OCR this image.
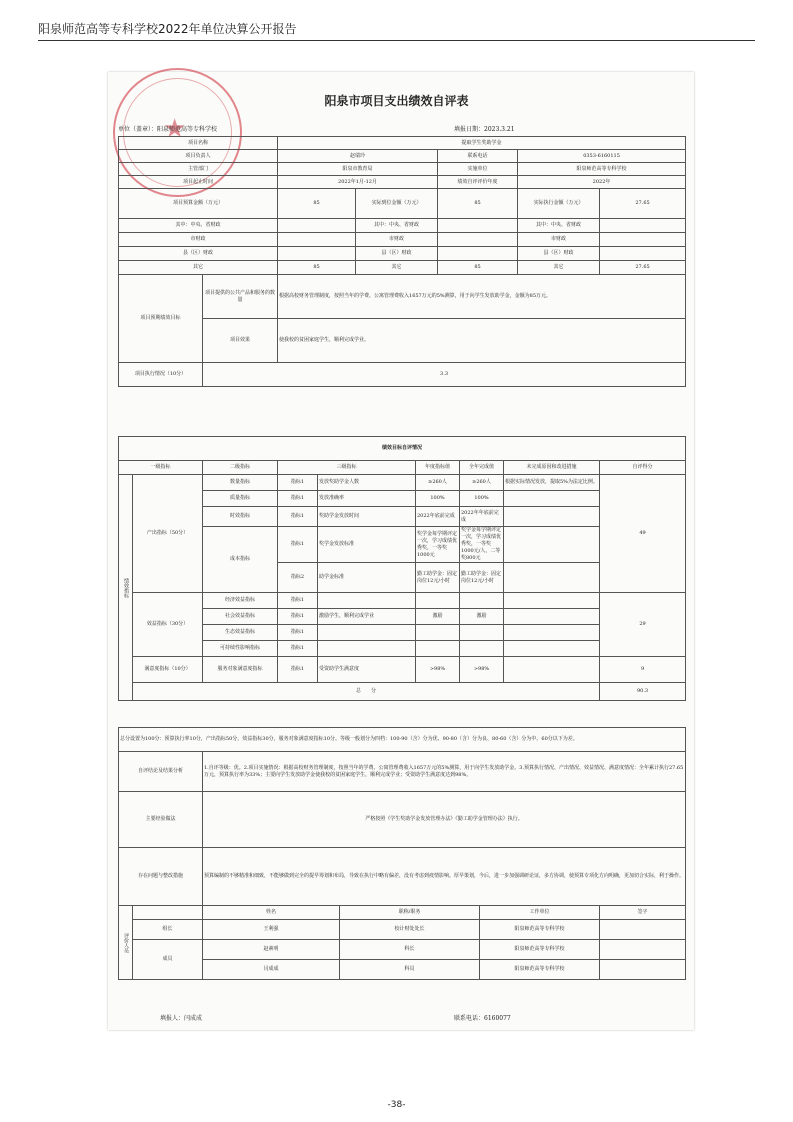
阳泉师范高等专科学校2022年单位决算公开报告
★
阳泉市项目支出绩效自评表
单位（盖章）：阳泉师范高等专科学校	填报日期：2023.3.21
项目名称		提取学生奖助学金				
项目负责人		赵瑞玲		联系电话	0353-6160115	
主管部门		阳泉市教育局		实施单位	阳泉师范高等专科学校	
项目起止时间		2022年1月-12月		绩效自评评价年度	2022年	
项目预算金额（万元）		85	实际到位金额（万元）	85	实际执行金额（万元）	27.65
其中：中央、省财政			其中：中央、省财政		其中：中央、省财政	
市财政			市财政		市财政	
县（区）财政			县（区）财政		县（区）财政	
其它		85	其它	85	其它	27.65
项目预期绩效目标	项目提供的公共产品和服务的数量	根据高校财务管理制度，按照当年的学费、公寓管理费收入1657万元的5%测算，用于向学生发放助学金，金额为85万元。				
	项目效果	使我校的贫困家庭学生，顺利完成学业。				
项目执行情况（10分）	3.3					
绩效目标自评情况								
一级指标		二级指标	三级指标		年度指标值	全年完成值	未完成原因和改进措施	自评得分
绩效指标	产出指标（50分）	数量指标	指标1	发放奖助学金人数	≥260人	≥260人	根据实际情况发放，提取5%为法定比例。	49
		质量指标	指标1	发放准确率	100%	100%		
		时效指标	指标1	奖助学金发放时间	2022年底前完成	2022年年底前完成		
		成本指标	指标1	奖学金发放标准	奖学金每学期评定一次，学习成绩优秀奖，一等奖1000元	奖学金每学期评定一次，学习成绩优秀奖，一等奖1000元/人，二等奖800元		
			指标2	助学金标准	勤工助学金：固定岗位12元/小时	勤工助学金：固定岗位12元/小时		
	效益指标（30分）	经济效益指标	指标1					29
		社会效益指标	指标1	激励学生，顺利完成学业	激励	激励		
		生态效益指标	指标1					
		可持续性影响指标	指标1					
	满意度指标（10分）	服务对象满意度指标	指标1	受资助学生满意度	>98%	>98%		9
	总　　分							90.3
总分设置为100分：预算执行率10分，产出指标50分，效益指标30分，服务对象满意度指标10分。等级一般划分为四档：100-90（含）分为优、90-80（含）分为良、80-60（含）分为中、60分以下为差。					
自评结论及结果分析		1.自评等级：优。2.项目实施情况：根据高校财务管理制度，按照当年的学费、公寓管理费收入1657万元的5%测算，用于向学生发放助学金。3.预算执行情况、产出情况、效益情况、满意度情况：全年累计执行27.65万元，预算执行率为33%；主要向学生发放助学金使我校的贫困家庭学生，顺利完成学业；受资助学生满意度达到98%。			
主要经验做法		严格按照《学生奖助学金发放管理办法》《勤工助学金管理办法》执行。			
存在问题与整改措施		预算编制的不够精准和细致，不能够做到完全的提早筹划和布局，导致在执行中略有偏差，没有考虑到疫情影响。厚早策划，今后，进一步加强调研论证，多方协调，使预算专项化方向明确，更加切合实际，利于操作。			
评价人员		姓名	职称/职务	工作单位	签字
	组长	王利强	校计财处处长	阳泉师范高等专科学校	
	成员	赵素明	科长	阳泉师范高等专科学校	
		闫成成	科员	阳泉师范高等专科学校	
填报人：闫成成	联系电话：6160077
-38-
